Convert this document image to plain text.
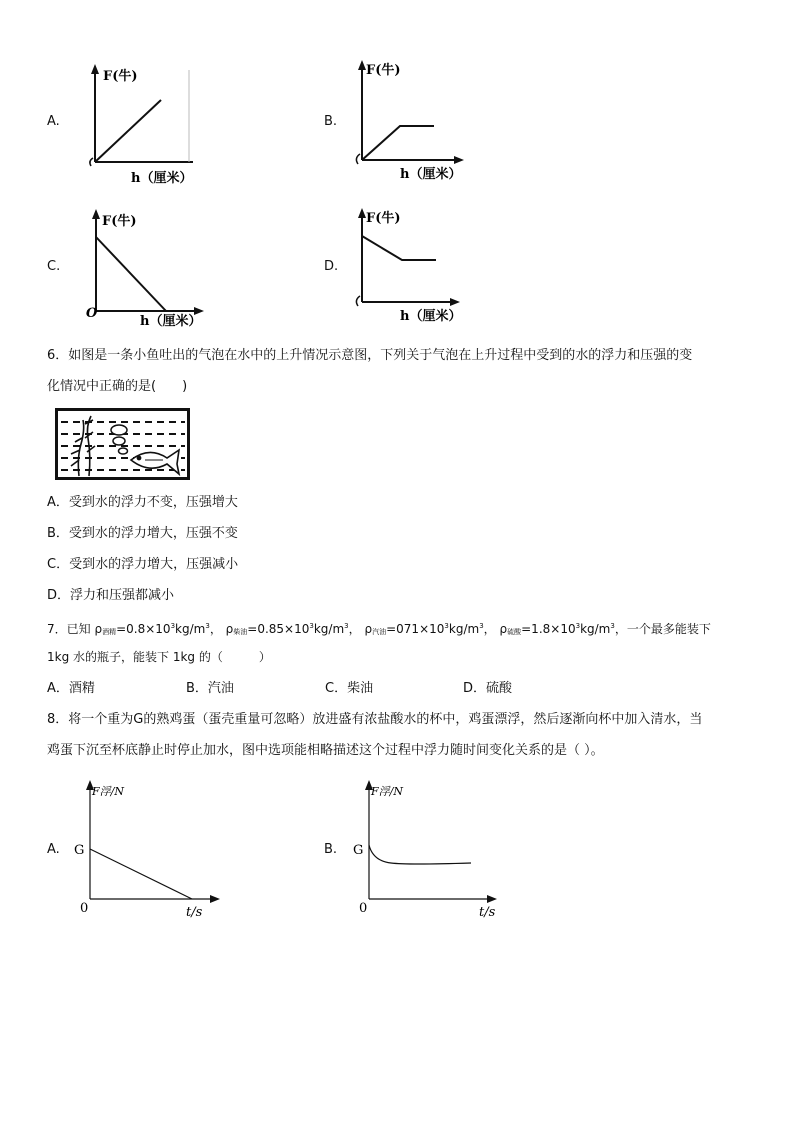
A.
F(牛)
h（厘米）
B.
F(牛)
h（厘米）
C.
O
F(牛)
h（厘米）
D.
F(牛)
h（厘米）
6．如图是一条小鱼吐出的气泡在水中的上升情况示意图，下列关于气泡在上升过程中受到的水的浮力和压强的变
化情况中正确的是(　　)
A．受到水的浮力不变，压强增大
B．受到水的浮力增大，压强不变
C．受到水的浮力增大，压强减小
D．浮力和压强都减小
7．已知 $\rho_{酒精}=0.8\times 10^3kg/m^3$， $\rho_{柴油}=0.85\times 10^3kg/m^3$， $\rho_{汽油}=071\times 10^3kg/m^3$， $\rho_{硫酸}=1.8\times 10^3kg/m^3$，一个最多能装下
1kg 水的瓶子，能装下 1kg 的（　　　）
A．酒精	B．汽油	C．柴油	D．硫酸
8．将一个重为G的熟鸡蛋（蛋壳重量可忽略）放进盛有浓盐酸水的杯中，鸡蛋漂浮，然后逐渐向杯中加入清水，当
鸡蛋下沉至杯底静止时停止加水，图中选项能相略描述这个过程中浮力随时间变化关系的是（ ）。
A.
F浮/N
G
0	t/s
B.
F浮/N
G
0	t/s
